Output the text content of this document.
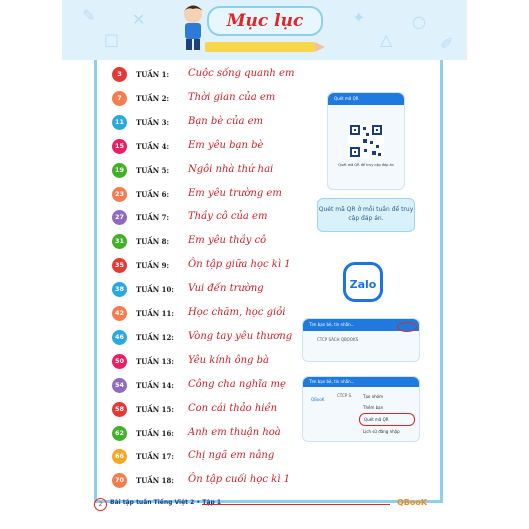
✎
□
✕	✦
△
○
✐
Mục lục
3	TUẦN 1: Cuộc sống quanh em
7	TUẦN 2: Thời gian của em
11	TUẦN 3: Bạn bè của em
15	TUẦN 4: Em yêu bạn bè
19	TUẦN 5: Ngôi nhà thứ hai
23	TUẦN 6: Em yêu trường em
27	TUẦN 7: Thầy cô của em
31	TUẦN 8: Em yêu thầy cô
35	TUẦN 9: Ôn tập giữa học kì 1
38	TUẦN 10: Vui đến trường
42	TUẦN 11: Học chăm, học giỏi
46	TUẦN 12: Vòng tay yêu thương
50	TUẦN 13: Yêu kính ông bà
54	TUẦN 14: Công cha nghĩa mẹ
58	TUẦN 15: Con cái thảo hiền
62	TUẦN 16: Anh em thuận hoà
66	TUẦN 17: Chị ngã em nâng
70	TUẦN 18: Ôn tập cuối học kì 1
Quét mã QR
Quét mã QR để truy cập đáp án
Quét mã QR ở mỗi tuần để truy cập đáp án.
Zalo
Tìm bạn bè, tin nhắn...
CTCP SÁCH QBOOKS
Tìm bạn bè, tin nhắn...
QBooK
CTCP S.	Tạo nhóm
Thêm bạn
Quét mã QR
Lịch sử đăng nhập
2	Bài tập tuần Tiếng Việt 2 • Tập 1	QBooK
